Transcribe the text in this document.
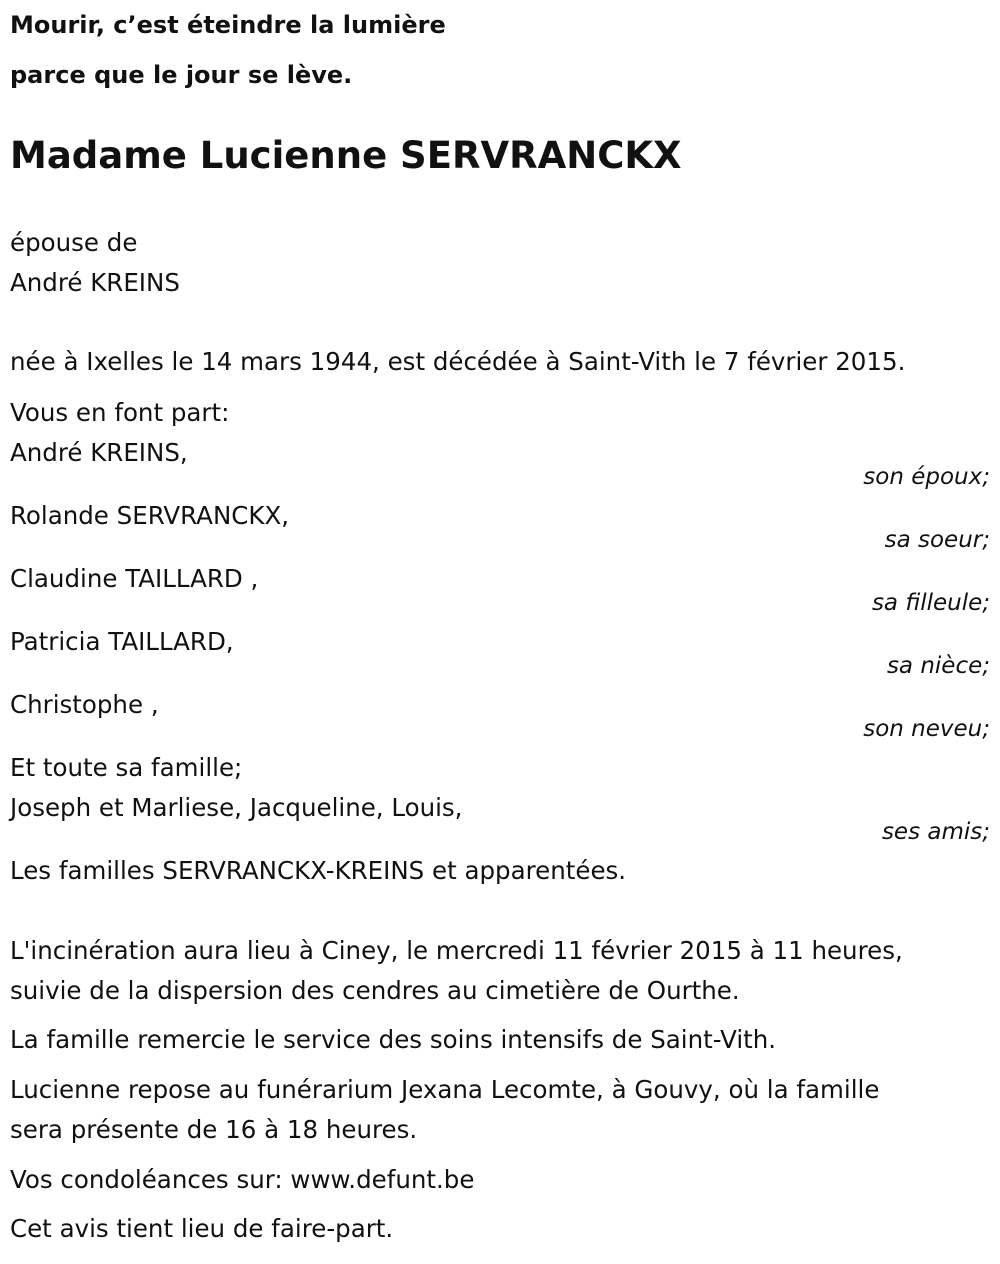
Mourir, c’est éteindre la lumière
parce que le jour se lève.
Madame Lucienne SERVRANCKX
épouse de
André KREINS
née à Ixelles le 14 mars 1944, est décédée à Saint-Vith le 7 février 2015.
Vous en font part:
André KREINS,
son époux;
Rolande SERVRANCKX,
sa soeur;
Claudine TAILLARD ,
sa filleule;
Patricia TAILLARD,
sa nièce;
Christophe ,
son neveu;
Et toute sa famille;
Joseph et Marliese, Jacqueline, Louis,
ses amis;
Les familles SERVRANCKX-KREINS et apparentées.
L'incinération aura lieu à Ciney, le mercredi 11 février 2015 à 11 heures,
suivie de la dispersion des cendres au cimetière de Ourthe.
La famille remercie le service des soins intensifs de Saint-Vith.
Lucienne repose au funérarium Jexana Lecomte, à Gouvy, où la famille
sera présente de 16 à 18 heures.
Vos condoléances sur: www.defunt.be
Cet avis tient lieu de faire-part.
